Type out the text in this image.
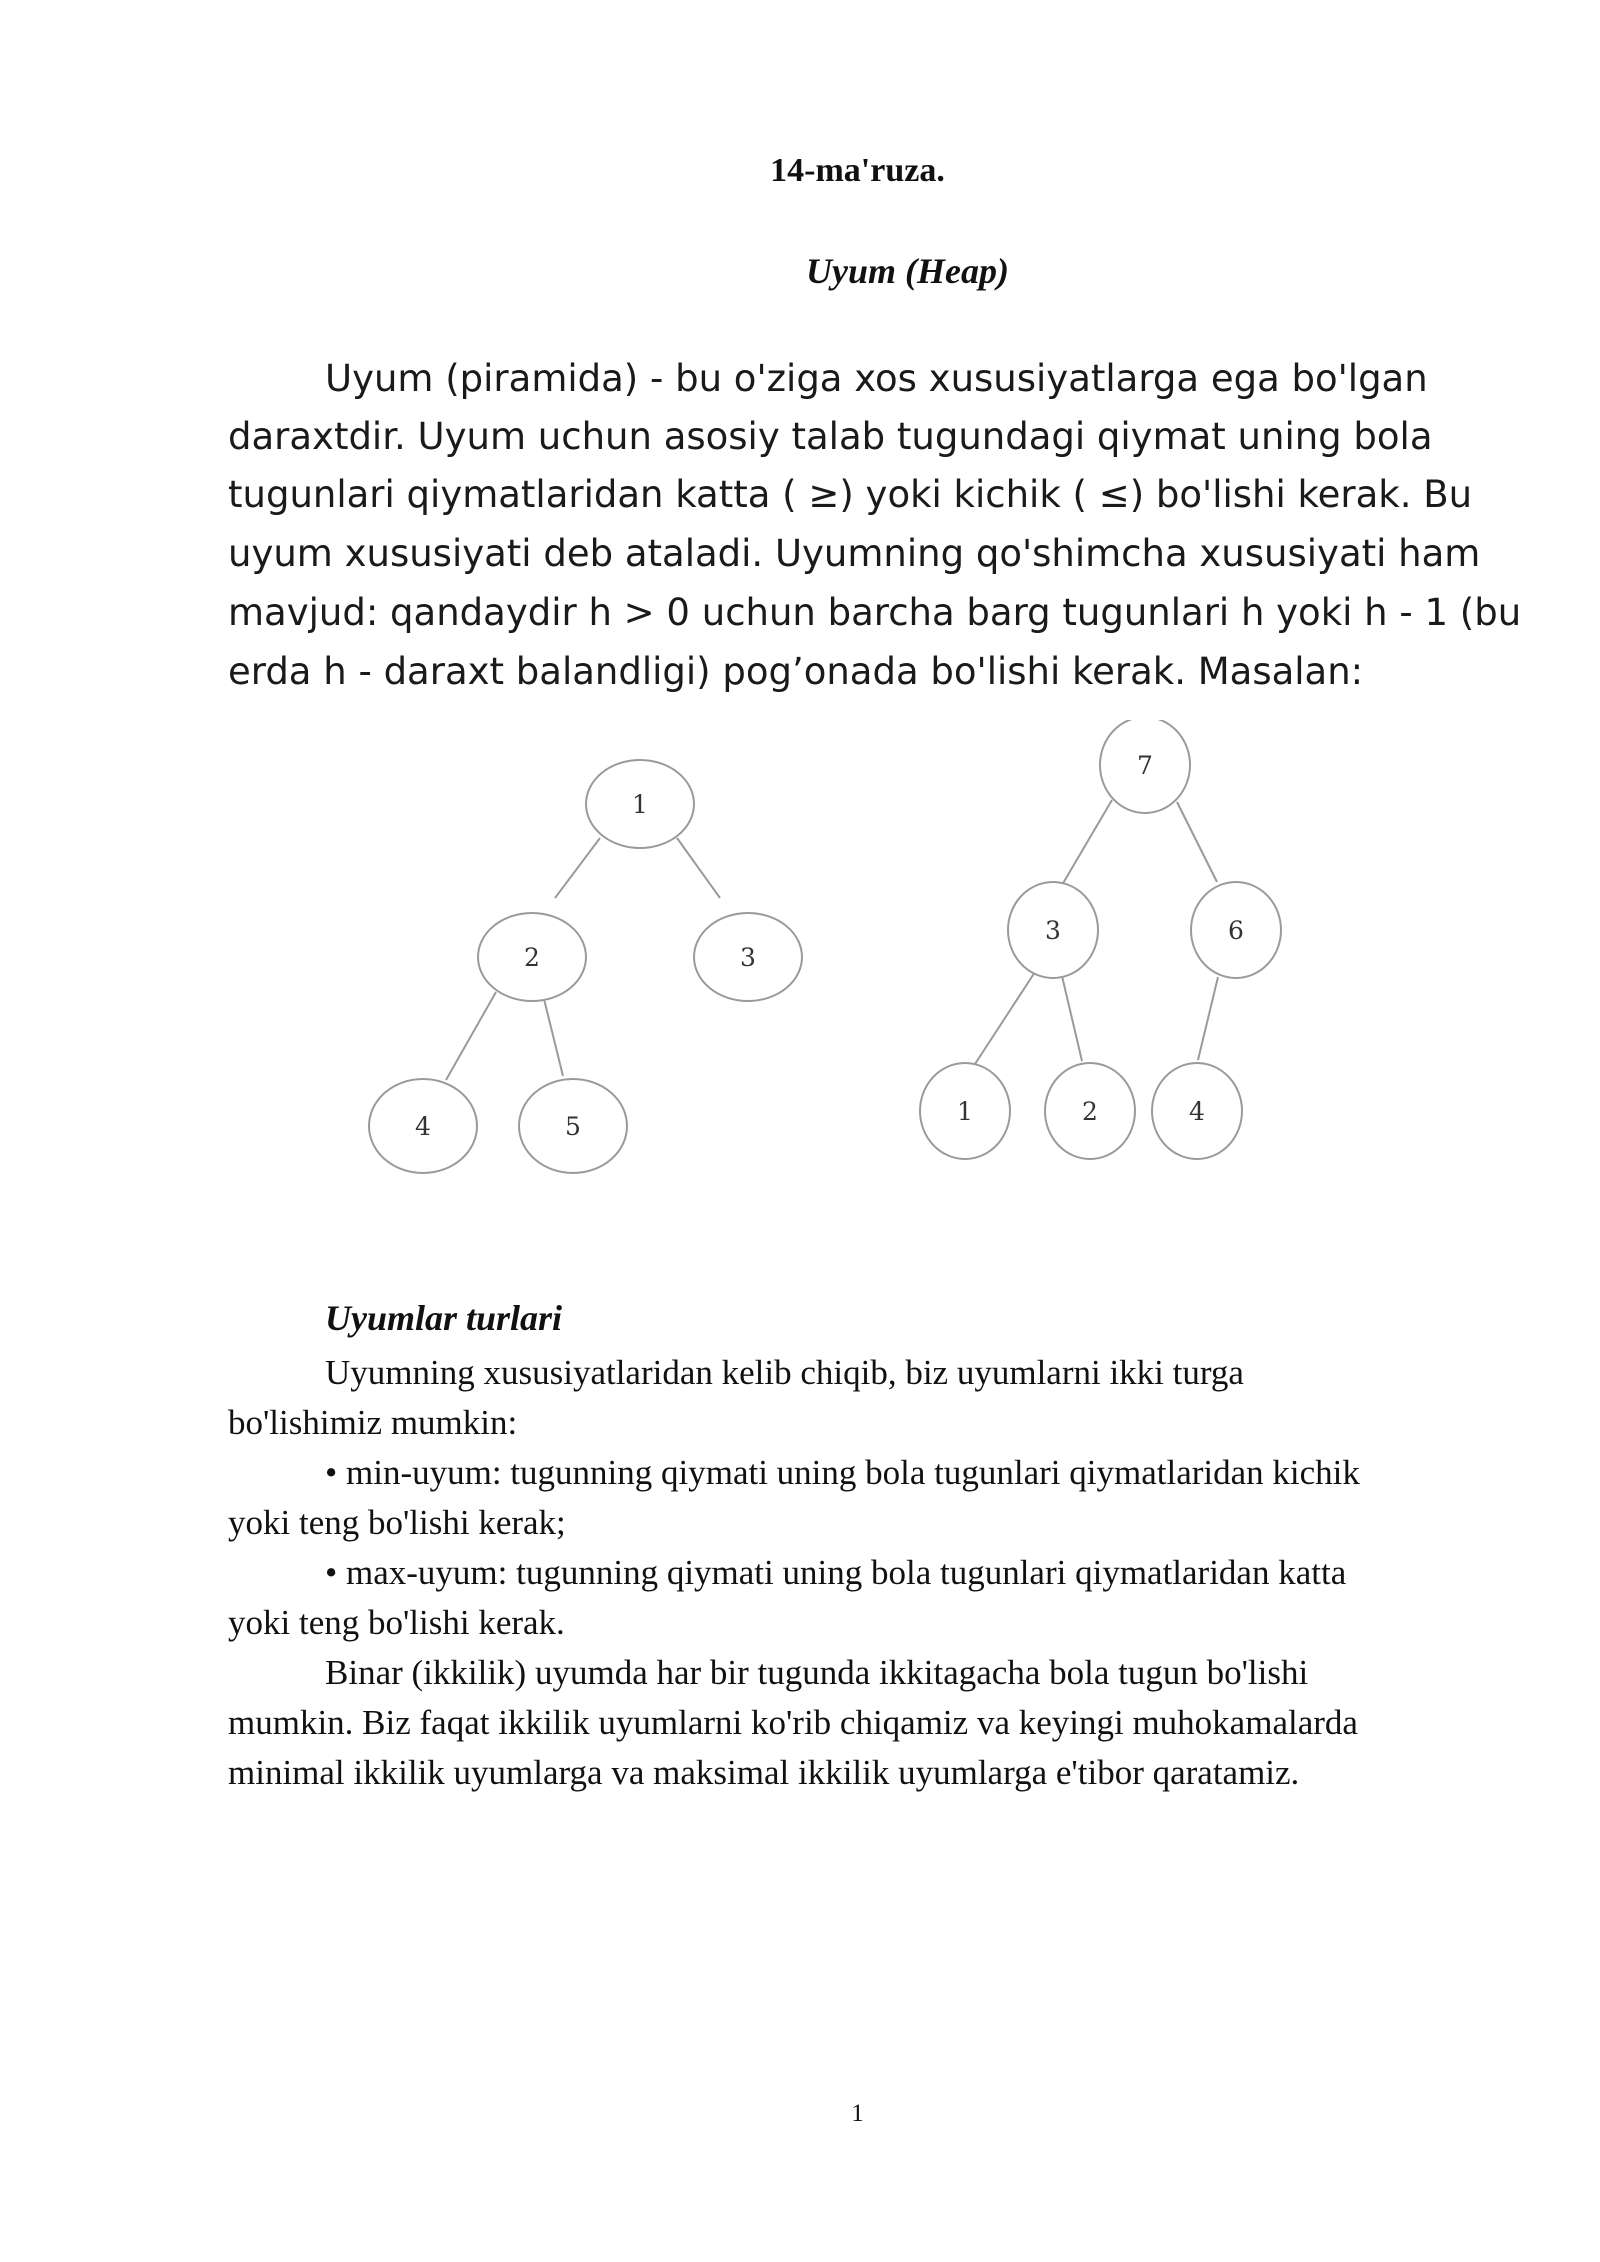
14-ma'ruza.
Uyum (Heap)
Uyum (piramida) - bu o'ziga xos xususiyatlarga ega bo'lgan
daraxtdir. Uyum uchun asosiy talab tugundagi qiymat uning bola
tugunlari qiymatlaridan katta ( ≥) yoki kichik ( ≤) bo'lishi kerak. Bu
uyum xususiyati deb ataladi. Uyumning qo'shimcha xususiyati ham
mavjud: qandaydir h > 0 uchun barcha barg tugunlari h yoki h - 1 (bu
erda h - daraxt balandligi) pog’onada bo'lishi kerak. Masalan:
1
2	3
4	5
7
3	6
1	2	4
Uyumlar turlari
Uyumning xususiyatlaridan kelib chiqib, biz uyumlarni ikki turga
bo'lishimiz mumkin:
• min-uyum: tugunning qiymati uning bola tugunlari qiymatlaridan kichik
yoki teng bo'lishi kerak;
• max-uyum: tugunning qiymati uning bola tugunlari qiymatlaridan katta
yoki teng bo'lishi kerak.
Binar (ikkilik) uyumda har bir tugunda ikkitagacha bola tugun bo'lishi
mumkin. Biz faqat ikkilik uyumlarni ko'rib chiqamiz va keyingi muhokamalarda
minimal ikkilik uyumlarga va maksimal ikkilik uyumlarga e'tibor qaratamiz.
1
